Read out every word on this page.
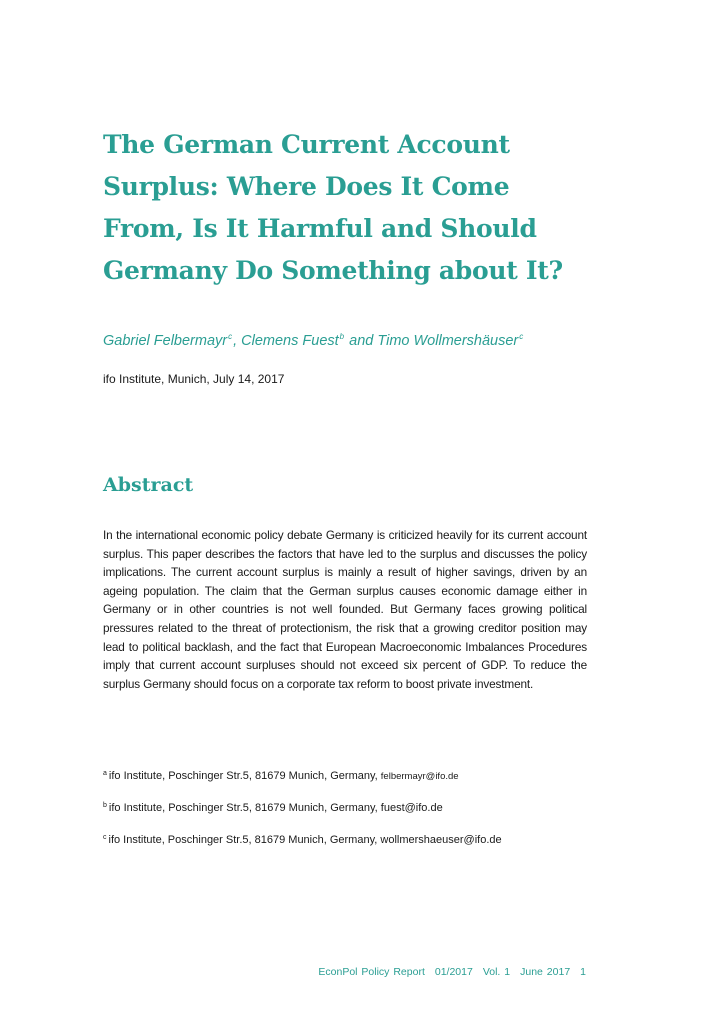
The German Current Account Surplus: Where Does It Come From, Is It Harmful and Should Germany Do Something about It?

Gabriel Felbermayr$^c$, Clemens Fuest$^b$ and Timo Wollmershäuser$^c$

ifo Institute, Munich, July 14, 2017

Abstract

In the international economic policy debate Germany is criticized heavily for its current account surplus. This paper describes the factors that have led to the surplus and discusses the policy implications. The current account surplus is mainly a result of higher savings, driven by an ageing population. The claim that the German surplus causes economic damage either in Germany or in other countries is not well founded. But Germany faces growing political pressures related to the threat of protectionism, the risk that a growing creditor position may lead to political backlash, and the fact that European Macroeconomic Imbalances Procedures imply that current account surpluses should not exceed six percent of GDP. To reduce the surplus Germany should focus on a corporate tax reform to boost private investment.

$^a$ ifo Institute, Poschinger Str.5, 81679 Munich, Germany, felbermayr@ifo.de

$^b$ ifo Institute, Poschinger Str.5, 81679 Munich, Germany, fuest@ifo.de

$^c$ ifo Institute, Poschinger Str.5, 81679 Munich, Germany, wollmershaeuser@ifo.de

EconPol Policy Report 01/2017 Vol. 1 June 2017 1
